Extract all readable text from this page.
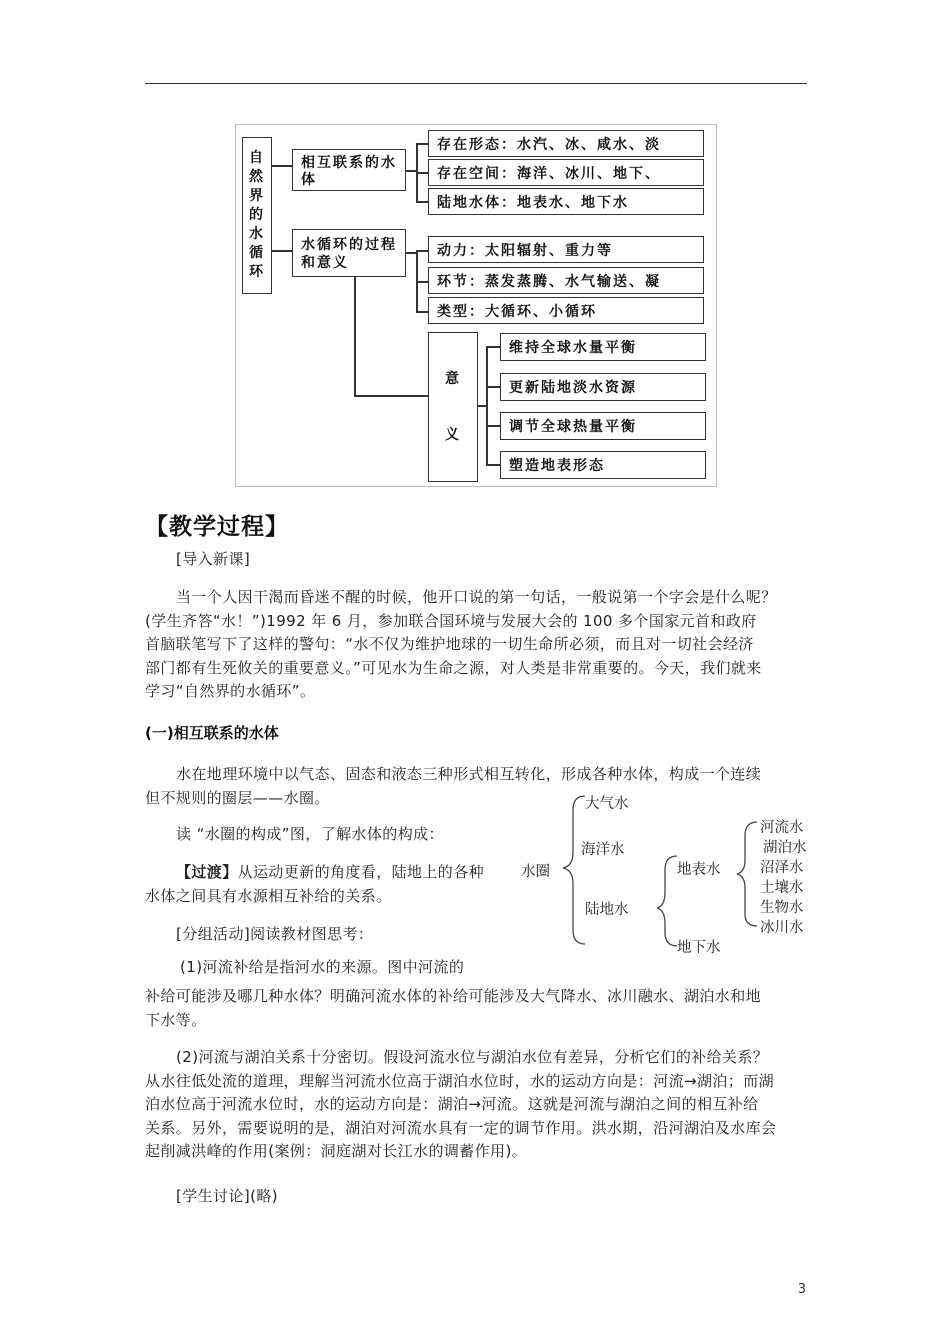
自
然
界
的
水
循
环
相互联系的水体
存在形态：水汽、冰、咸水、淡
存在空间：海洋、冰川、地下、
陆地水体：地表水、地下水
水循环的过程和意义
动力：太阳辐射、重力等
环节：蒸发蒸腾、水气输送、凝
类型：大循环、小循环
意
义
维持全球水量平衡
更新陆地淡水资源
调节全球热量平衡
塑造地表形态
【教学过程】
[导入新课]
当一个人因干渴而昏迷不醒的时候，他开口说的第一句话，一般说第一个字会是什么呢？
(学生齐答“水！”)1992 年 6 月，参加联合国环境与发展大会的 100 多个国家元首和政府
首脑联笔写下了这样的警句：“水不仅为维护地球的一切生命所必须，而且对一切社会经济
部门都有生死攸关的重要意义。”可见水为生命之源，对人类是非常重要的。今天，我们就来
学习“自然界的水循环”。
(一)相互联系的水体
水在地理环境中以气态、固态和液态三种形式相互转化，形成各种水体，构成一个连续
但不规则的圈层——水圈。
读 “水圈的构成”图，了解水体的构成：
【过渡】从运动更新的角度看，陆地上的各种
水体之间具有水源相互补给的关系。
[分组活动]阅读教材图思考：
(1)河流补给是指河水的来源。图中河流的
补给可能涉及哪几种水体？明确河流水体的补给可能涉及大气降水、冰川融水、湖泊水和地
下水等。
(2)河流与湖泊关系十分密切。假设河流水位与湖泊水位有差异，分析它们的补给关系？
从水往低处流的道理，理解当河流水位高于湖泊水位时，水的运动方向是：河流→湖泊；而湖
泊水位高于河流水位时，水的运动方向是：湖泊→河流。这就是河流与湖泊之间的相互补给
关系。另外，需要说明的是，湖泊对河流水具有一定的调节作用。洪水期，沿河湖泊及水库会
起削减洪峰的作用(案例：洞庭湖对长江水的调蓄作用)。
[学生讨论](略)
水圈
大气水
海洋水
陆地水
地表水
地下水
河流水
湖泊水
沼泽水
土壤水
生物水
冰川水
3
